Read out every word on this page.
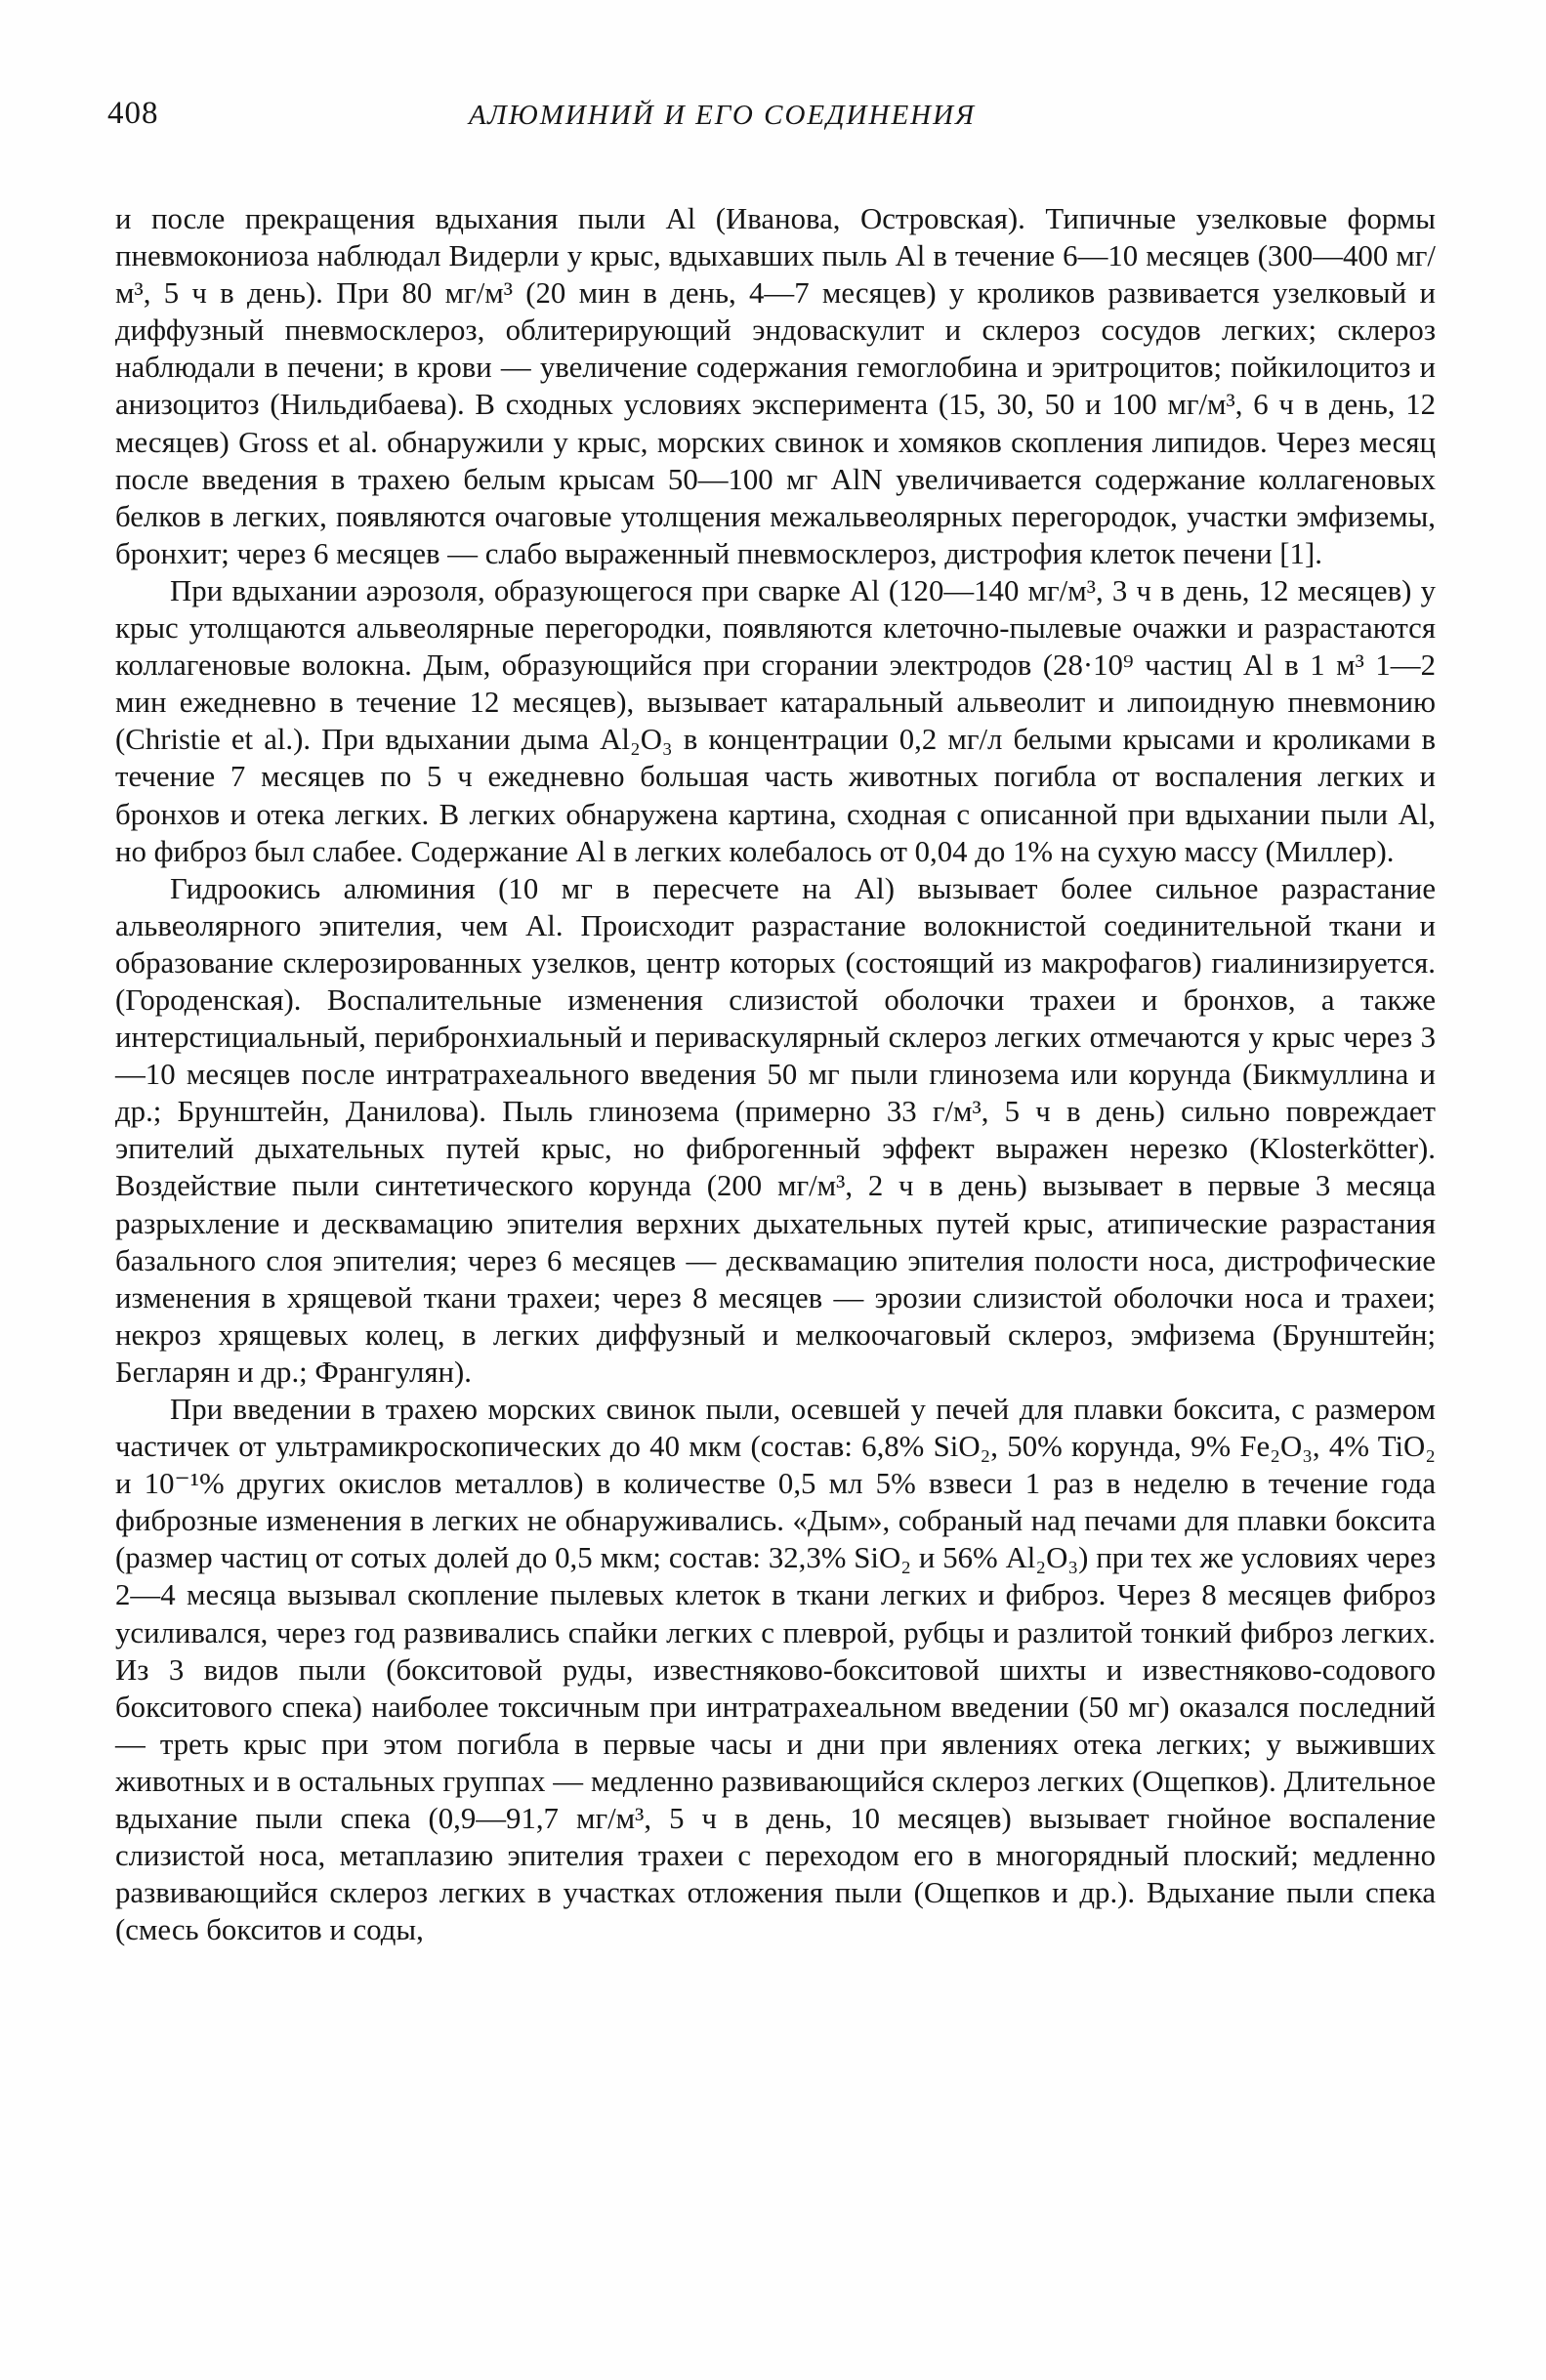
408	АЛЮМИНИЙ И ЕГО СОЕДИНЕНИЯ

и после прекращения вдыхания пыли Al (Иванова, Островская). Типичные узелковые формы пневмокониоза наблюдал Видерли у крыс, вдыхавших пыль Al в течение 6—10 месяцев (300—400 мг/м³, 5 ч в день). При 80 мг/м³ (20 мин в день, 4—7 месяцев) у кроликов развивается узелковый и диффузный пневмосклероз, облитерирующий эндоваскулит и склероз сосудов легких; склероз наблюдали в печени; в крови — увеличение содержания гемоглобина и эритроцитов; пойкилоцитоз и анизоцитоз (Нильдибаева). В сходных условиях эксперимента (15, 30, 50 и 100 мг/м³, 6 ч в день, 12 месяцев) Gross et al. обнаружили у крыс, морских свинок и хомяков скопления липидов. Через месяц после введения в трахею белым крысам 50—100 мг AlN увеличивается содержание коллагеновых белков в легких, появляются очаговые утолщения межальвеолярных перегородок, участки эмфиземы, бронхит; через 6 месяцев — слабо выраженный пневмосклероз, дистрофия клеток печени [1].

При вдыхании аэрозоля, образующегося при сварке Al (120—140 мг/м³, 3 ч в день, 12 месяцев) у крыс утолщаются альвеолярные перегородки, появляются клеточно-пылевые очажки и разрастаются коллагеновые волокна. Дым, образующийся при сгорании электродов (28·10⁹ частиц Al в 1 м³ 1—2 мин ежедневно в течение 12 месяцев), вызывает катаральный альвеолит и липоидную пневмонию (Christie et al.). При вдыхании дыма Al₂O₃ в концентрации 0,2 мг/л белыми крысами и кроликами в течение 7 месяцев по 5 ч ежедневно большая часть животных погибла от воспаления легких и бронхов и отека легких. В легких обнаружена картина, сходная с описанной при вдыхании пыли Al, но фиброз был слабее. Содержание Al в легких колебалось от 0,04 до 1% на сухую массу (Миллер).

Гидроокись алюминия (10 мг в пересчете на Al) вызывает более сильное разрастание альвеолярного эпителия, чем Al. Происходит разрастание волокнистой соединительной ткани и образование склерозированных узелков, центр которых (состоящий из макрофагов) гиалинизируется. (Городенская). Воспалительные изменения слизистой оболочки трахеи и бронхов, а также интерстициальный, перибронхиальный и периваскулярный склероз легких отмечаются у крыс через 3—10 месяцев после интратрахеального введения 50 мг пыли глинозема или корунда (Бикмуллина и др.; Брунштейн, Данилова). Пыль глинозема (примерно 33 г/м³, 5 ч в день) сильно повреждает эпителий дыхательных путей крыс, но фиброгенный эффект выражен нерезко (Klosterkötter). Воздействие пыли синтетического корунда (200 мг/м³, 2 ч в день) вызывает в первые 3 месяца разрыхление и десквамацию эпителия верхних дыхательных путей крыс, атипические разрастания базального слоя эпителия; через 6 месяцев — десквамацию эпителия полости носа, дистрофические изменения в хрящевой ткани трахеи; через 8 месяцев — эрозии слизистой оболочки носа и трахеи; некроз хрящевых колец, в легких диффузный и мелкоочаговый склероз, эмфизема (Брунштейн; Бегларян и др.; Франгулян).

При введении в трахею морских свинок пыли, осевшей у печей для плавки боксита, с размером частичек от ультрамикроскопических до 40 мкм (состав: 6,8% SiO₂, 50% корунда, 9% Fe₂O₃, 4% TiO₂ и 10⁻¹% других окислов металлов) в количестве 0,5 мл 5% взвеси 1 раз в неделю в течение года фиброзные изменения в легких не обнаруживались. «Дым», собраный над печами для плавки боксита (размер частиц от сотых долей до 0,5 мкм; состав: 32,3% SiO₂ и 56% Al₂O₃) при тех же условиях через 2—4 месяца вызывал скопление пылевых клеток в ткани легких и фиброз. Через 8 месяцев фиброз усиливался, через год развивались спайки легких с плеврой, рубцы и разлитой тонкий фиброз легких. Из 3 видов пыли (бокситовой руды, известняково-бокситовой шихты и известняково-содового бокситового спека) наиболее токсичным при интратрахеальном введении (50 мг) оказался последний — треть крыс при этом погибла в первые часы и дни при явлениях отека легких; у выживших животных и в остальных группах — медленно развивающийся склероз легких (Ощепков). Длительное вдыхание пыли спека (0,9—91,7 мг/м³, 5 ч в день, 10 месяцев) вызывает гнойное воспаление слизистой носа, метаплазию эпителия трахеи с переходом его в многорядный плоский; медленно развивающийся склероз легких в участках отложения пыли (Ощепков и др.). Вдыхание пыли спека (смесь бокситов и соды,
